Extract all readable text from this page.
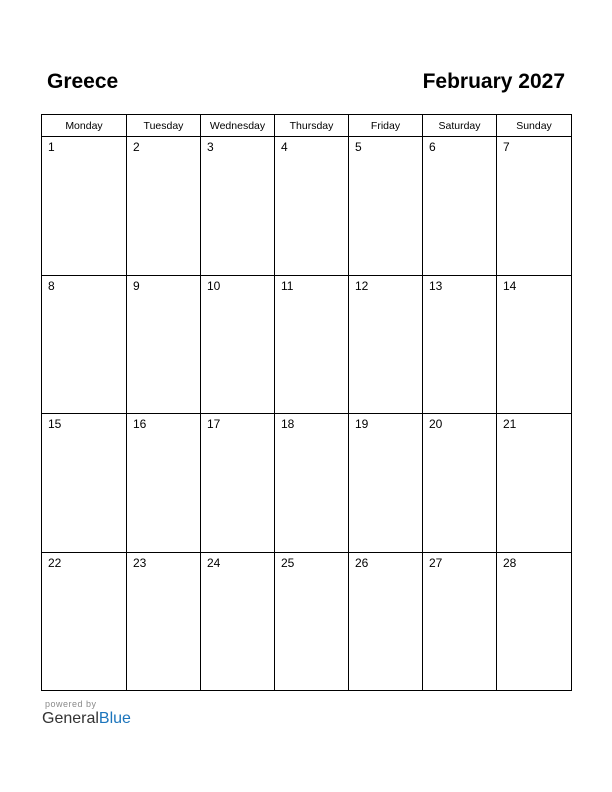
Greece	February 2027
Monday	Tuesday	Wednesday	Thursday	Friday	Saturday	Sunday

1	2	3	4	5	6	7

8	9	10	11	12	13	14

15	16	17	18	19	20	21

22	23	24	25	26	27	28
powered by
GeneralBlue
